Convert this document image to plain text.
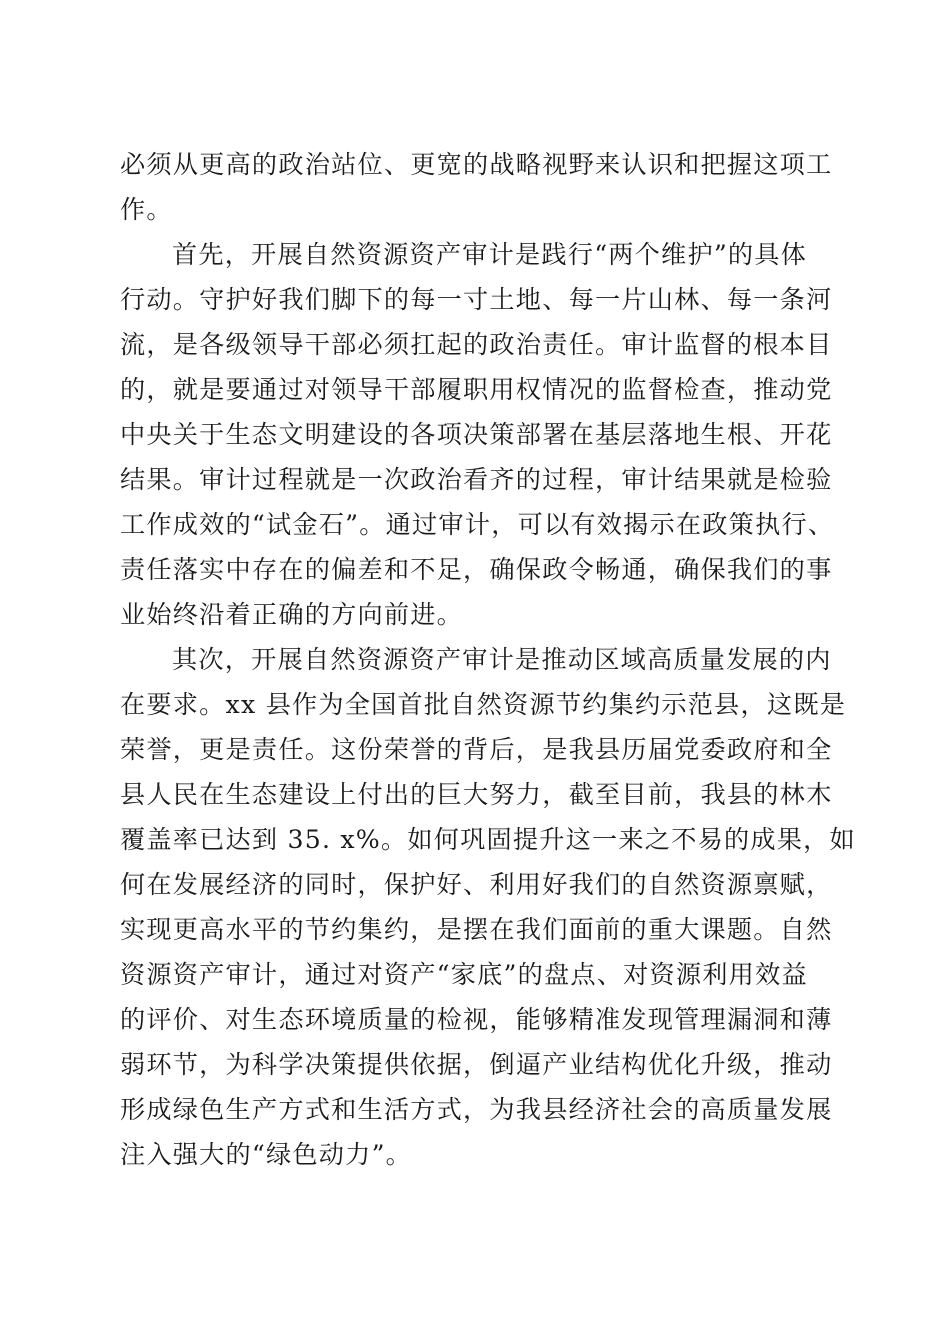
必须从更高的政治站位、更宽的战略视野来认识和把握这项工
作。
首先，开展自然资源资产审计是践行“两个维护”的具体
行动。守护好我们脚下的每一寸土地、每一片山林、每一条河
流，是各级领导干部必须扛起的政治责任。审计监督的根本目
的，就是要通过对领导干部履职用权情况的监督检查，推动党
中央关于生态文明建设的各项决策部署在基层落地生根、开花
结果。审计过程就是一次政治看齐的过程，审计结果就是检验
工作成效的“试金石”。通过审计，可以有效揭示在政策执行、
责任落实中存在的偏差和不足，确保政令畅通，确保我们的事
业始终沿着正确的方向前进。
其次，开展自然资源资产审计是推动区域高质量发展的内
在要求。xx 县作为全国首批自然资源节约集约示范县，这既是
荣誉，更是责任。这份荣誉的背后，是我县历届党委政府和全
县人民在生态建设上付出的巨大努力，截至目前，我县的林木
覆盖率已达到 35. x%。如何巩固提升这一来之不易的成果，如
何在发展经济的同时，保护好、利用好我们的自然资源禀赋，
实现更高水平的节约集约，是摆在我们面前的重大课题。自然
资源资产审计，通过对资产“家底”的盘点、对资源利用效益
的评价、对生态环境质量的检视，能够精准发现管理漏洞和薄
弱环节，为科学决策提供依据，倒逼产业结构优化升级，推动
形成绿色生产方式和生活方式，为我县经济社会的高质量发展
注入强大的“绿色动力”。
